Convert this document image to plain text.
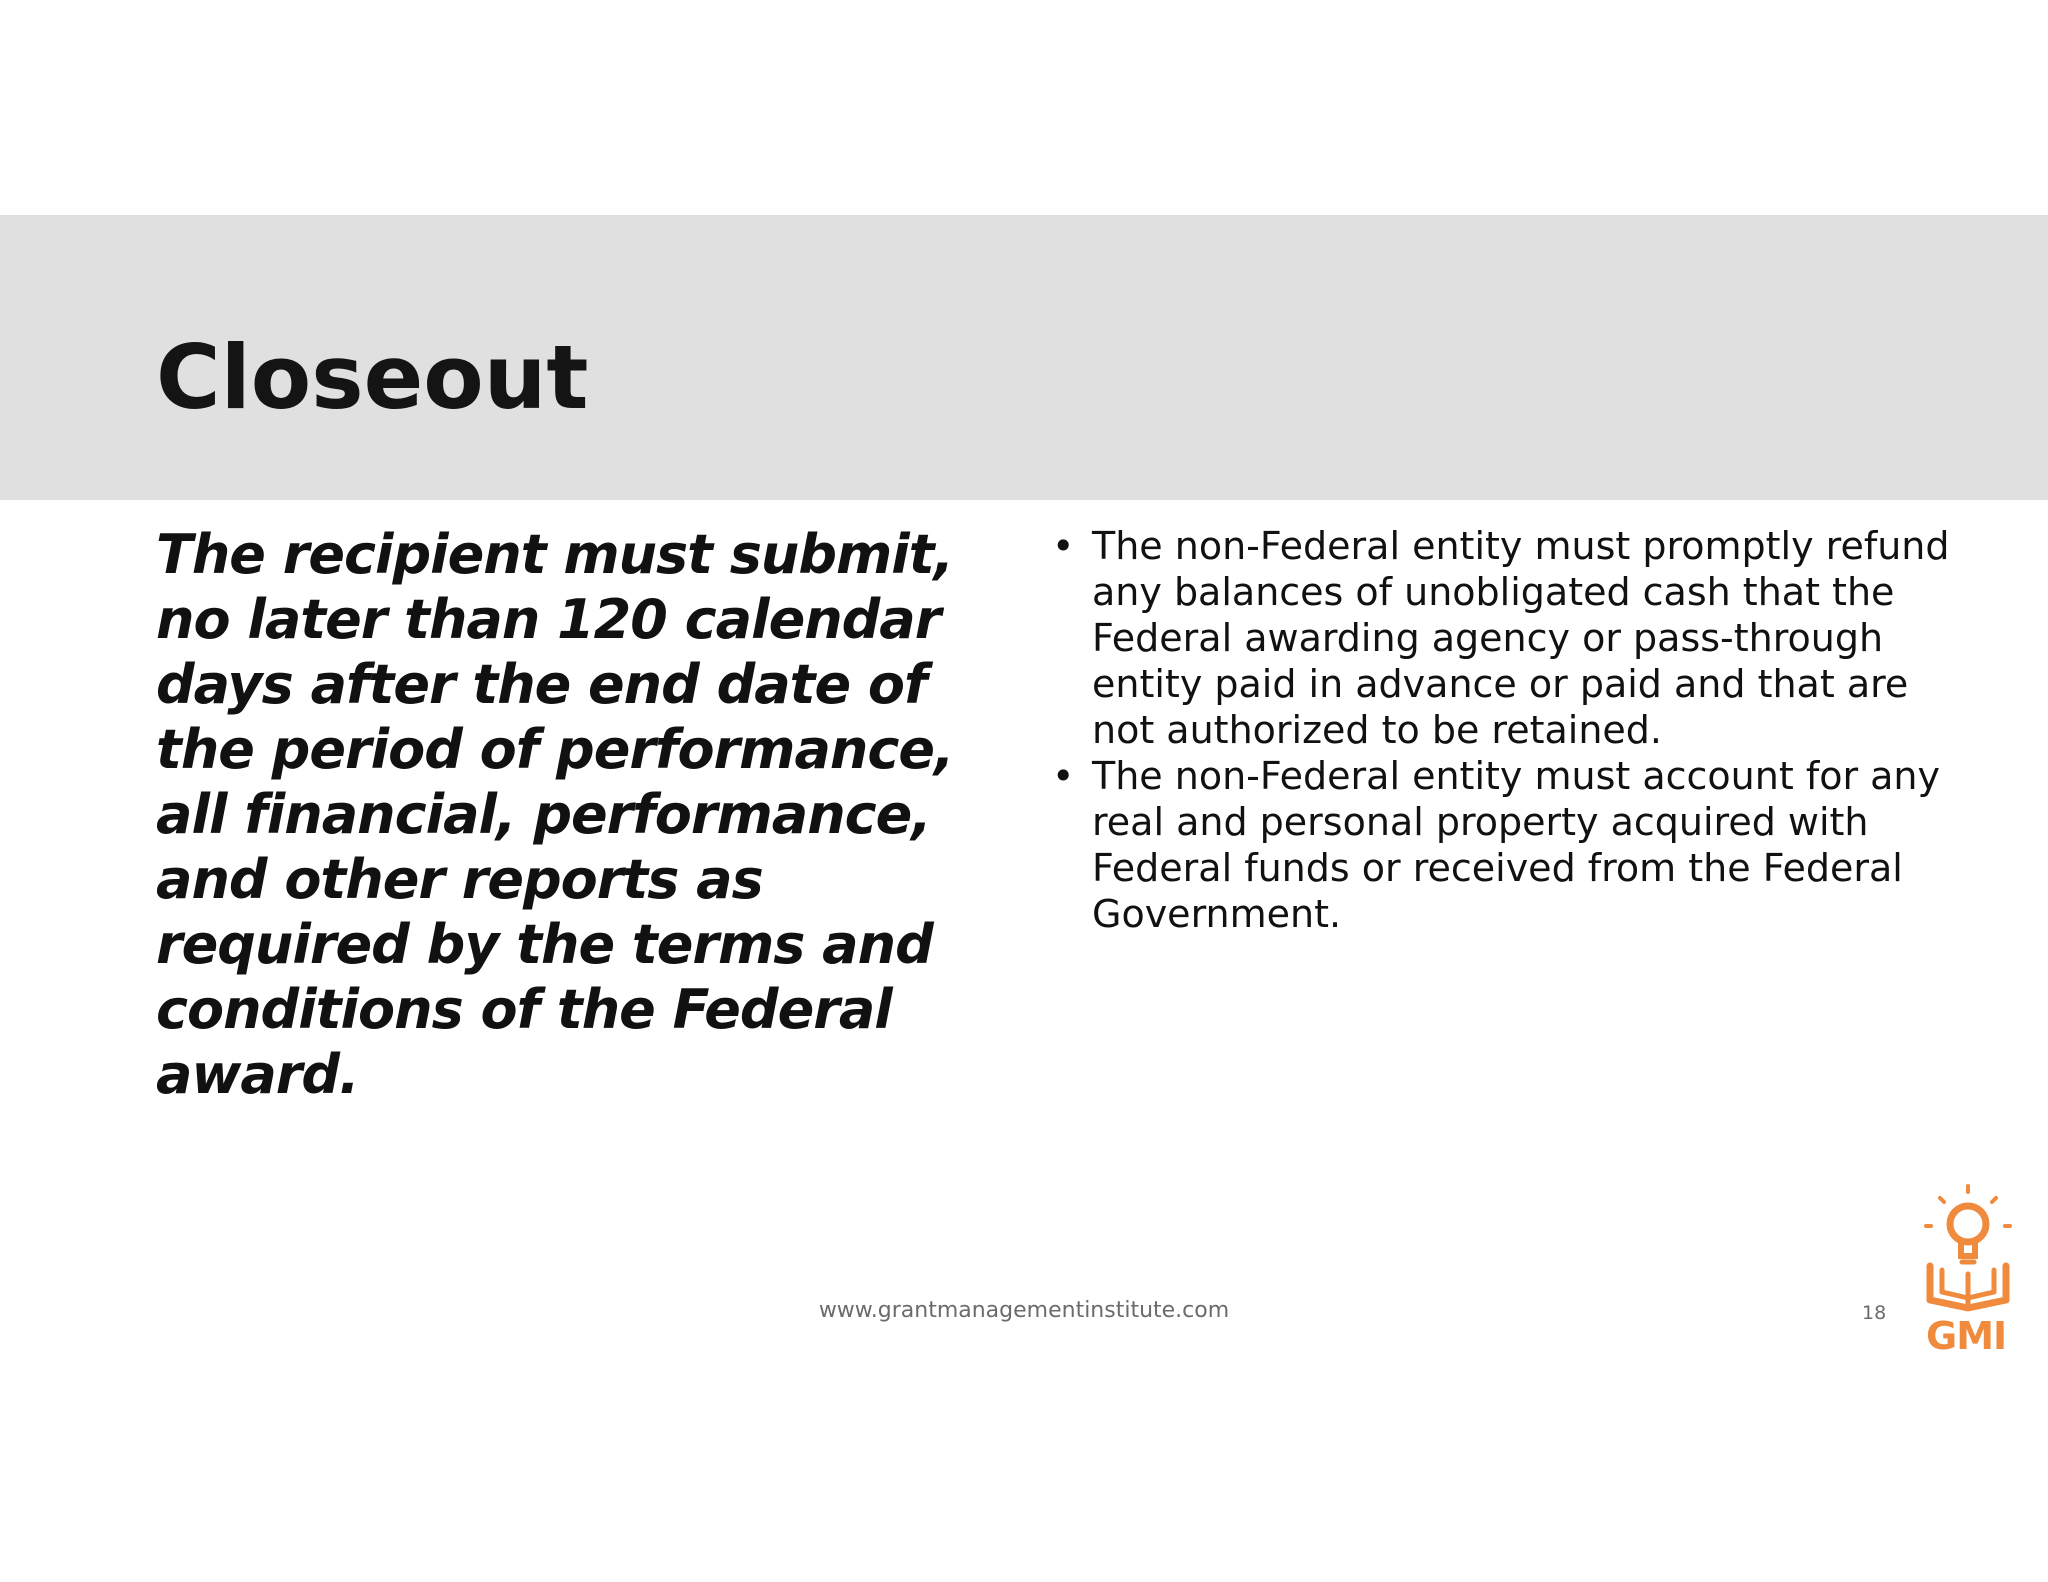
Closeout

The recipient must submit, no later than 120 calendar days after the end date of the period of performance, all financial, performance, and other reports as required by the terms and conditions of the Federal award.

• The non-Federal entity must promptly refund any balances of unobligated cash that the Federal awarding agency or pass-through entity paid in advance or paid and that are not authorized to be retained.
• The non-Federal entity must account for any real and personal property acquired with Federal funds or received from the Federal Government.
www.grantmanagementinstitute.com	18
GMI
